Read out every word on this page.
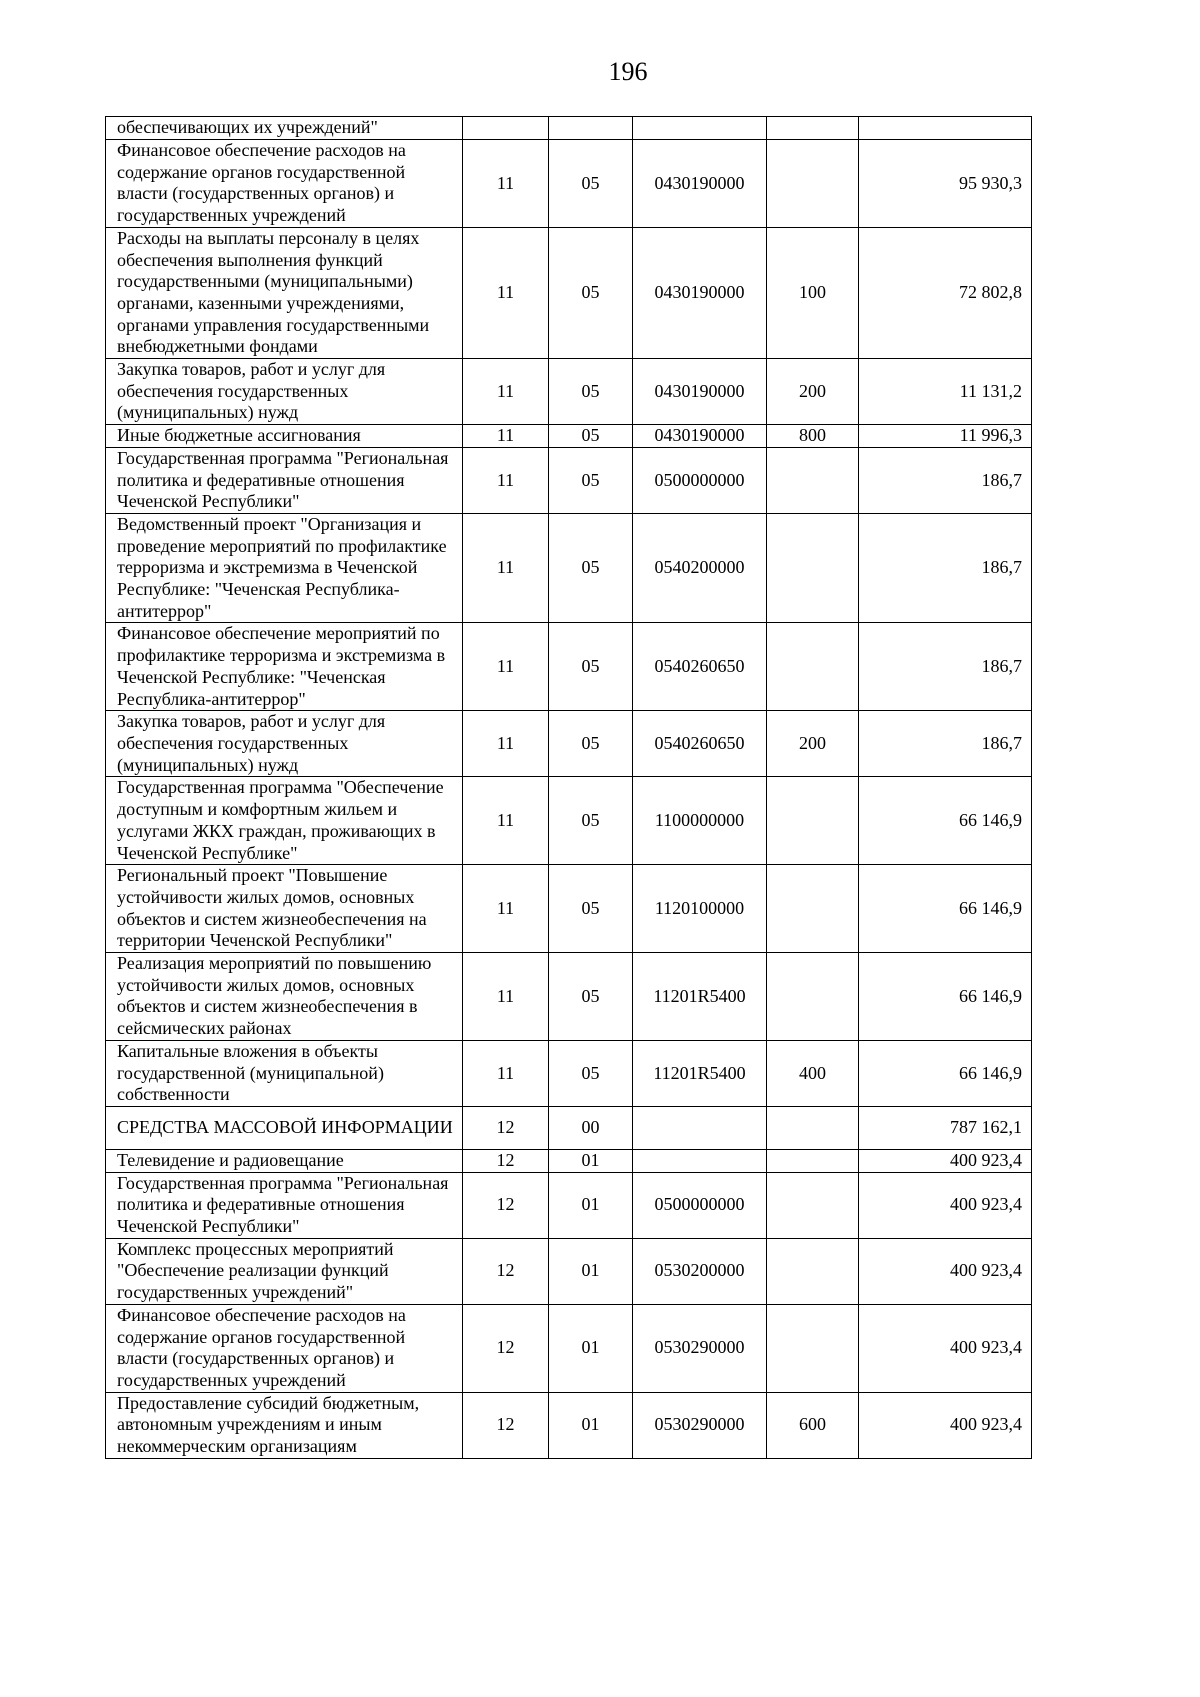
196
обеспечивающих их учреждений"					
Финансовое обеспечение расходов на содержание органов государственной власти (государственных органов) и государственных учреждений	11	05	0430190000		95 930,3
Расходы на выплаты персоналу в целях обеспечения выполнения функций государственными (муниципальными) органами, казенными учреждениями, органами управления государственными внебюджетными фондами	11	05	0430190000	100	72 802,8
Закупка товаров, работ и услуг для обеспечения государственных (муниципальных) нужд	11	05	0430190000	200	11 131,2
Иные бюджетные ассигнования	11	05	0430190000	800	11 996,3
Государственная программа "Региональная политика и федеративные отношения Чеченской Республики"	11	05	0500000000		186,7
Ведомственный проект "Организация и проведение мероприятий по профилактике терроризма и экстремизма в Чеченской Республике: "Чеченская Республика-антитеррор"	11	05	0540200000		186,7
Финансовое обеспечение мероприятий по профилактике терроризма и экстремизма в Чеченской Республике: "Чеченская Республика-антитеррор"	11	05	0540260650		186,7
Закупка товаров, работ и услуг для обеспечения государственных (муниципальных) нужд	11	05	0540260650	200	186,7
Государственная программа "Обеспечение доступным и комфортным жильем и услугами ЖКХ граждан, проживающих в Чеченской Республике"	11	05	1100000000		66 146,9
Региональный проект "Повышение устойчивости жилых домов, основных объектов и систем жизнеобеспечения на территории Чеченской Республики"	11	05	1120100000		66 146,9
Реализация мероприятий по повышению устойчивости жилых домов, основных объектов и систем жизнеобеспечения в сейсмических районах	11	05	11201R5400		66 146,9
Капитальные вложения в объекты государственной (муниципальной) собственности	11	05	11201R5400	400	66 146,9
СРЕДСТВА МАССОВОЙ ИНФОРМАЦИИ	12	00			787 162,1
Телевидение и радиовещание	12	01			400 923,4
Государственная программа "Региональная политика и федеративные отношения Чеченской Республики"	12	01	0500000000		400 923,4
Комплекс процессных мероприятий "Обеспечение реализации функций государственных учреждений"	12	01	0530200000		400 923,4
Финансовое обеспечение расходов на содержание органов государственной власти (государственных органов) и государственных учреждений	12	01	0530290000		400 923,4
Предоставление субсидий бюджетным, автономным учреждениям и иным некоммерческим организациям	12	01	0530290000	600	400 923,4
